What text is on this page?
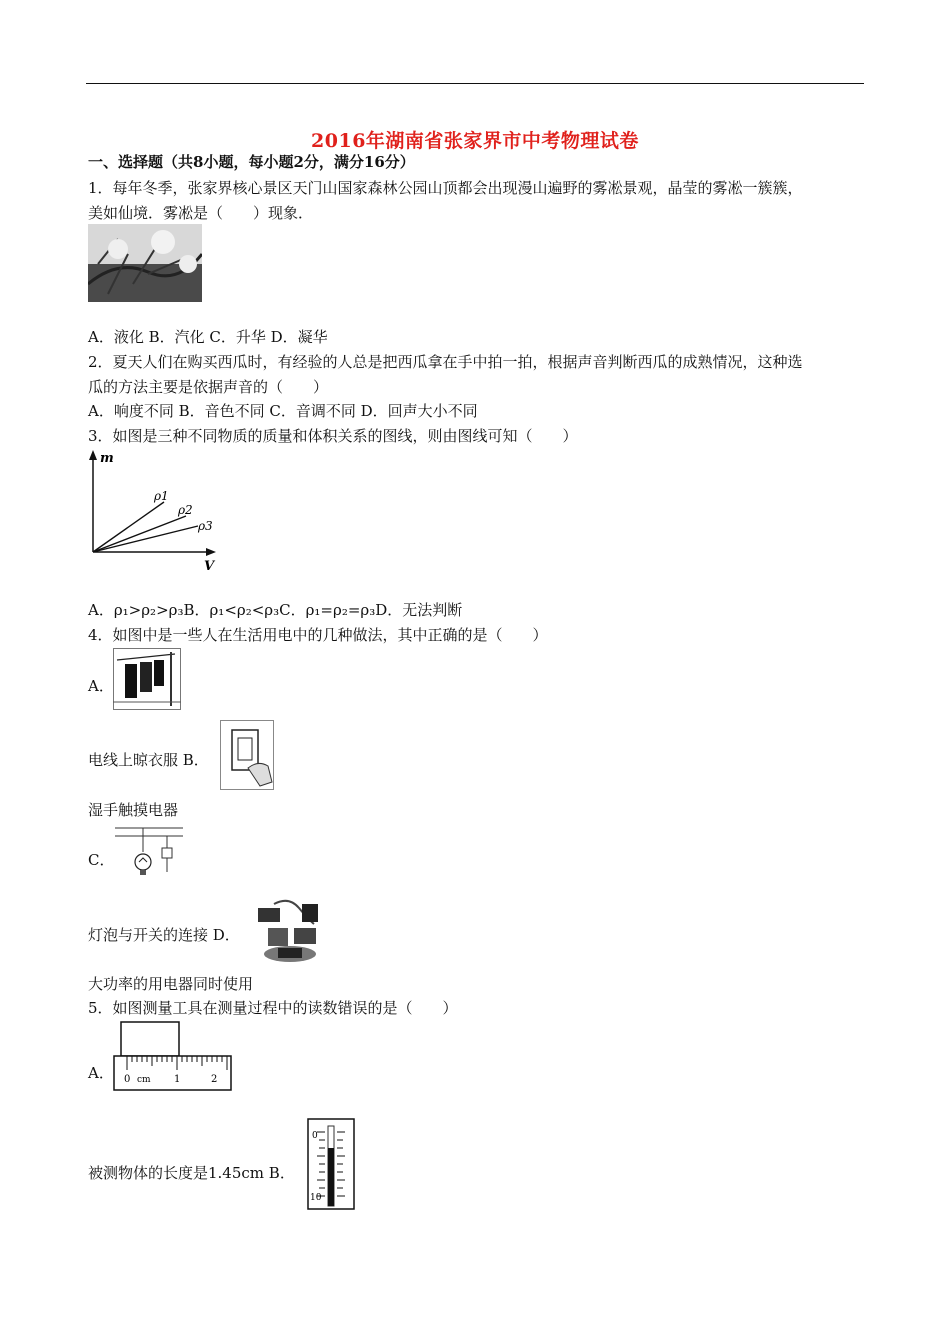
2016年湖南省张家界市中考物理试卷
一、选择题（共8小题，每小题2分，满分16分）
1．每年冬季，张家界核心景区天门山国家森林公园山顶都会出现漫山遍野的雾凇景观，晶莹的雾凇一簇簇，
美如仙境．雾凇是（　　）现象．
A．液化 B．汽化 C．升华 D．凝华
2．夏天人们在购买西瓜时，有经验的人总是把西瓜拿在手中拍一拍，根据声音判断西瓜的成熟情况，这种选
瓜的方法主要是依据声音的（　　）
A．响度不同 B．音色不同 C．音调不同 D．回声大小不同
3．如图是三种不同物质的质量和体积关系的图线，则由图线可知（　　）
m
V
ρ1
ρ2
ρ3
A．ρ₁>ρ₂>ρ₃B．ρ₁<ρ₂<ρ₃C．ρ₁=ρ₂=ρ₃D．无法判断
4．如图中是一些人在生活用电中的几种做法，其中正确的是（　　）
A．
电线上晾衣服 B．
湿手触摸电器
C．
灯泡与开关的连接 D．
大功率的用电器同时使用
5．如图测量工具在测量过程中的读数错误的是（　　）
A． 0	1	2
cm
被测物体的长度是1.45cm B．
0
10
